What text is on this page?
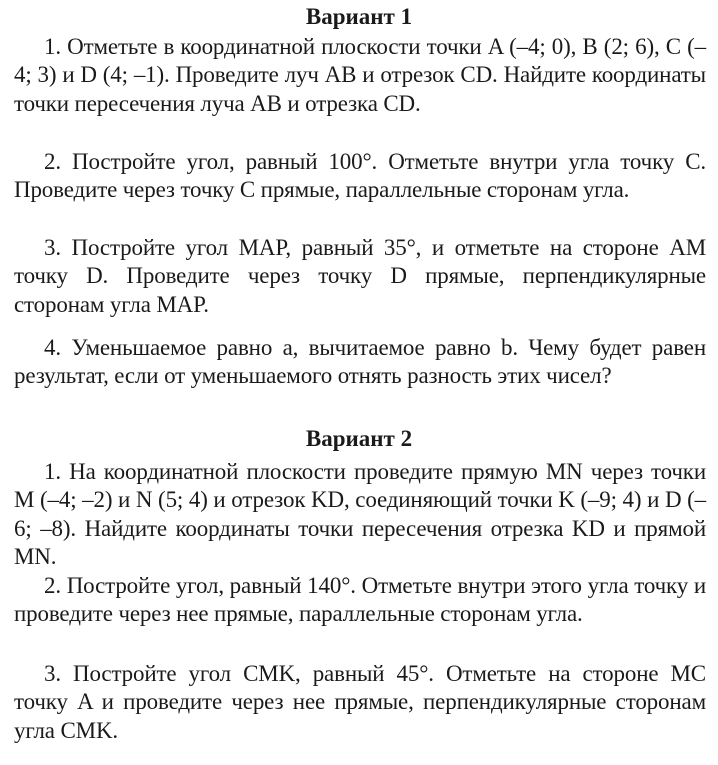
Вариант 1

1. Отметьте в координатной плоскости точки A (–4; 0), B (2; 6), C (–4; 3) и D (4; –1). Проведите луч AB и отрезок CD. Найдите координаты точки пересечения луча AB и отрезка CD.

2. Постройте угол, равный 100°. Отметьте внутри угла точку C. Проведите через точку C прямые, параллельные сторонам угла.

3. Постройте угол MAP, равный 35°, и отметьте на стороне AM точку D. Проведите через точку D прямые, перпендикулярные сторонам угла MAP.

4. Уменьшаемое равно a, вычитаемое равно b. Чему будет равен результат, если от уменьшаемого отнять разность этих чисел?

Вариант 2

1. На координатной плоскости проведите прямую MN через точки M (–4; –2) и N (5; 4) и отрезок KD, соединяющий точки K (–9; 4) и D (–6; –8). Найдите координаты точки пересечения отрезка KD и прямой MN.

2. Постройте угол, равный 140°. Отметьте внутри этого угла точку и проведите через нее прямые, параллельные сторонам угла.

3. Постройте угол CMK, равный 45°. Отметьте на стороне MC точку A и проведите через нее прямые, перпендикулярные сторонам угла CMK.
